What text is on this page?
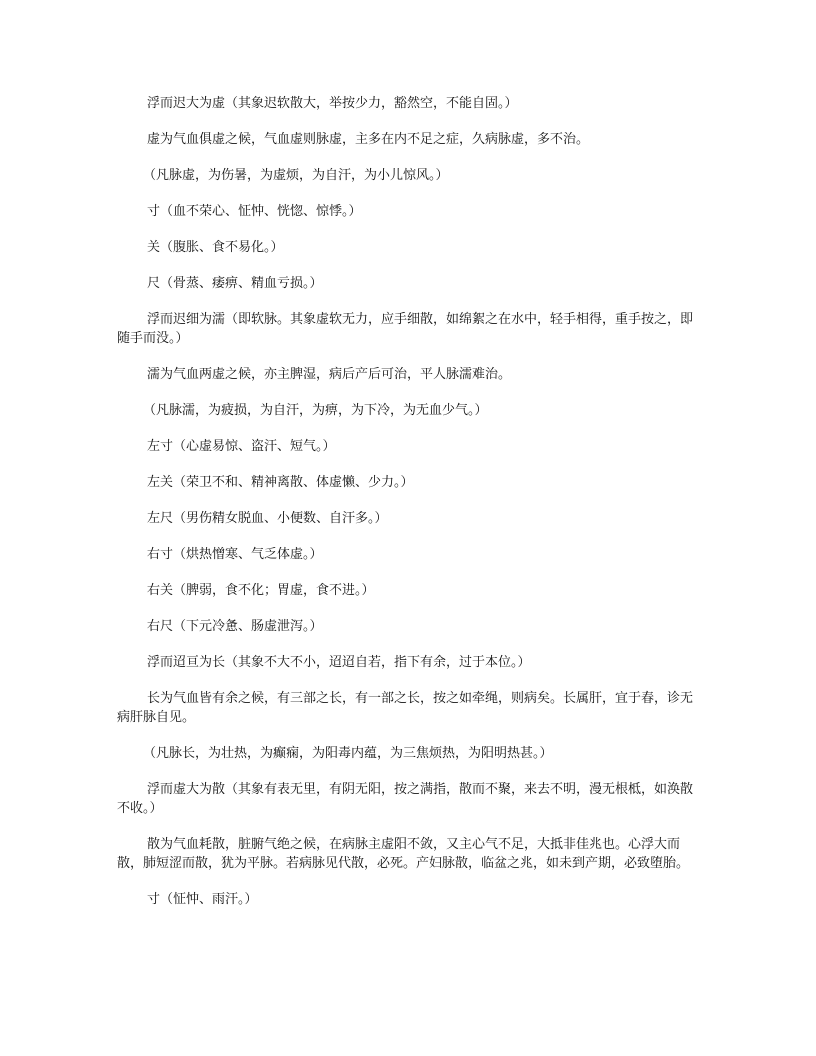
浮而迟大为虚（其象迟软散大，举按少力，豁然空，不能自固。）

虚为气血俱虚之候，气血虚则脉虚，主多在内不足之症，久病脉虚，多不治。

（凡脉虚，为伤暑，为虚烦，为自汗，为小儿惊风。）

寸（血不荣心、怔忡、恍惚、惊悸。）

关（腹胀、食不易化。）

尺（骨蒸、痿痹、精血亏损。）

浮而迟细为濡（即软脉。其象虚软无力，应手细散，如绵絮之在水中，轻手相得，重手按之，即随手而没。）

濡为气血两虚之候，亦主脾湿，病后产后可治，平人脉濡难治。

（凡脉濡，为疲损，为自汗，为痹，为下冷，为无血少气。）

左寸（心虚易惊、盗汗、短气。）

左关（荣卫不和、精神离散、体虚懒、少力。）

左尺（男伤精女脱血、小便数、自汗多。）

右寸（烘热憎寒、气乏体虚。）

右关（脾弱，食不化；胃虚，食不进。）

右尺（下元冷惫、肠虚泄泻。）

浮而迢亘为长（其象不大不小，迢迢自若，指下有余，过于本位。）

长为气血皆有余之候，有三部之长，有一部之长，按之如牵绳，则病矣。长属肝，宜于春，诊无病肝脉自见。

（凡脉长，为壮热，为癫痫，为阳毒内蕴，为三焦烦热，为阳明热甚。）

浮而虚大为散（其象有表无里，有阴无阳，按之满指，散而不聚，来去不明，漫无根柢，如涣散不收。）

散为气血耗散，脏腑气绝之候，在病脉主虚阳不敛，又主心气不足，大抵非佳兆也。心浮大而散，肺短涩而散，犹为平脉。若病脉见代散，必死。产妇脉散，临盆之兆，如未到产期，必致堕胎。

寸（怔忡、雨汗。）
